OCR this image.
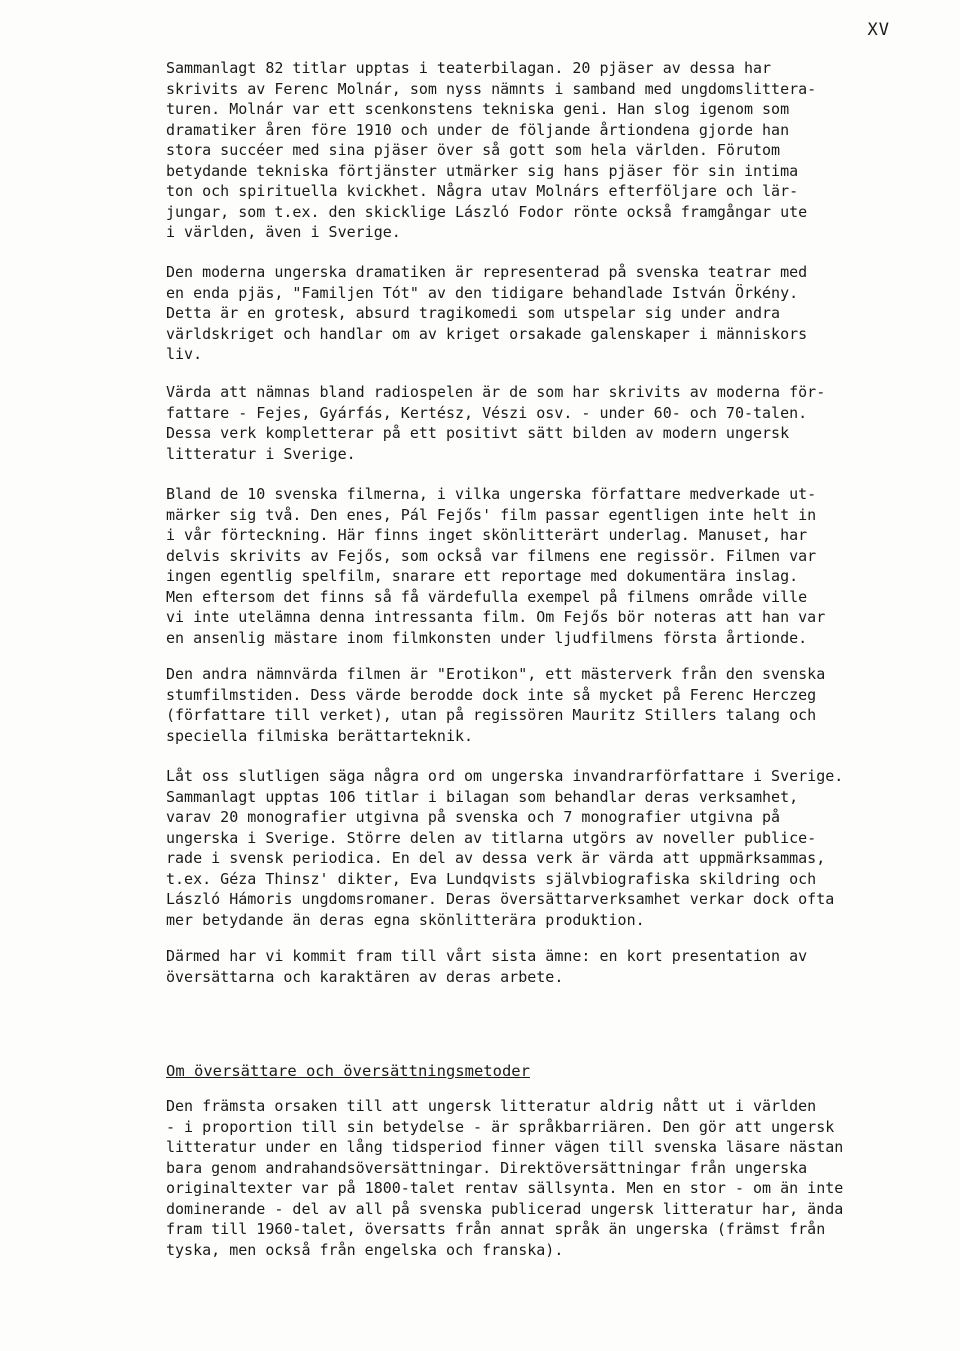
XV
Sammanlagt 82 titlar upptas i teaterbilagan. 20 pjäser av dessa har
skrivits av Ferenc Molnár, som nyss nämnts i samband med ungdomslittera-
turen. Molnár var ett scenkonstens tekniska geni. Han slog igenom som
dramatiker åren före 1910 och under de följande årtiondena gjorde han
stora succéer med sina pjäser över så gott som hela världen. Förutom
betydande tekniska förtjänster utmärker sig hans pjäser för sin intima
ton och spirituella kvickhet. Några utav Molnárs efterföljare och lär-
jungar, som t.ex. den skicklige László Fodor rönte också framgångar ute
i världen, även i Sverige.
Den moderna ungerska dramatiken är representerad på svenska teatrar med
en enda pjäs, "Familjen Tót" av den tidigare behandlade István Örkény.
Detta är en grotesk, absurd tragikomedi som utspelar sig under andra
världskriget och handlar om av kriget orsakade galenskaper i människors
liv.
Värda att nämnas bland radiospelen är de som har skrivits av moderna för-
fattare - Fejes, Gyárfás, Kertész, Vészi osv. - under 60- och 70-talen.
Dessa verk kompletterar på ett positivt sätt bilden av modern ungersk
litteratur i Sverige.
Bland de 10 svenska filmerna, i vilka ungerska författare medverkade ut-
märker sig två. Den enes, Pál Fejős' film passar egentligen inte helt in
i vår förteckning. Här finns inget skönlitterärt underlag. Manuset, har
delvis skrivits av Fejős, som också var filmens ene regissör. Filmen var
ingen egentlig spelfilm, snarare ett reportage med dokumentära inslag.
Men eftersom det finns så få värdefulla exempel på filmens område ville
vi inte utelämna denna intressanta film. Om Fejős bör noteras att han var
en ansenlig mästare inom filmkonsten under ljudfilmens första årtionde.
Den andra nämnvärda filmen är "Erotikon", ett mästerverk från den svenska
stumfilmstiden. Dess värde berodde dock inte så mycket på Ferenc Herczeg
(författare till verket), utan på regissören Mauritz Stillers talang och
speciella filmiska berättarteknik.
Låt oss slutligen säga några ord om ungerska invandrarförfattare i Sverige.
Sammanlagt upptas 106 titlar i bilagan som behandlar deras verksamhet,
varav 20 monografier utgivna på svenska och 7 monografier utgivna på
ungerska i Sverige. Större delen av titlarna utgörs av noveller publice-
rade i svensk periodica. En del av dessa verk är värda att uppmärksammas,
t.ex. Géza Thinsz' dikter, Eva Lundqvists självbiografiska skildring och
László Hámoris ungdomsromaner. Deras översättarverksamhet verkar dock ofta
mer betydande än deras egna skönlitterära produktion.
Därmed har vi kommit fram till vårt sista ämne: en kort presentation av
översättarna och karaktären av deras arbete.
Om översättare och översättningsmetoder
Den främsta orsaken till att ungersk litteratur aldrig nått ut i världen
- i proportion till sin betydelse - är språkbarriären. Den gör att ungersk
litteratur under en lång tidsperiod finner vägen till svenska läsare nästan
bara genom andrahandsöversättningar. Direktöversättningar från ungerska
originaltexter var på 1800-talet rentav sällsynta. Men en stor - om än inte
dominerande - del av all på svenska publicerad ungersk litteratur har, ända
fram till 1960-talet, översatts från annat språk än ungerska (främst från
tyska, men också från engelska och franska).
